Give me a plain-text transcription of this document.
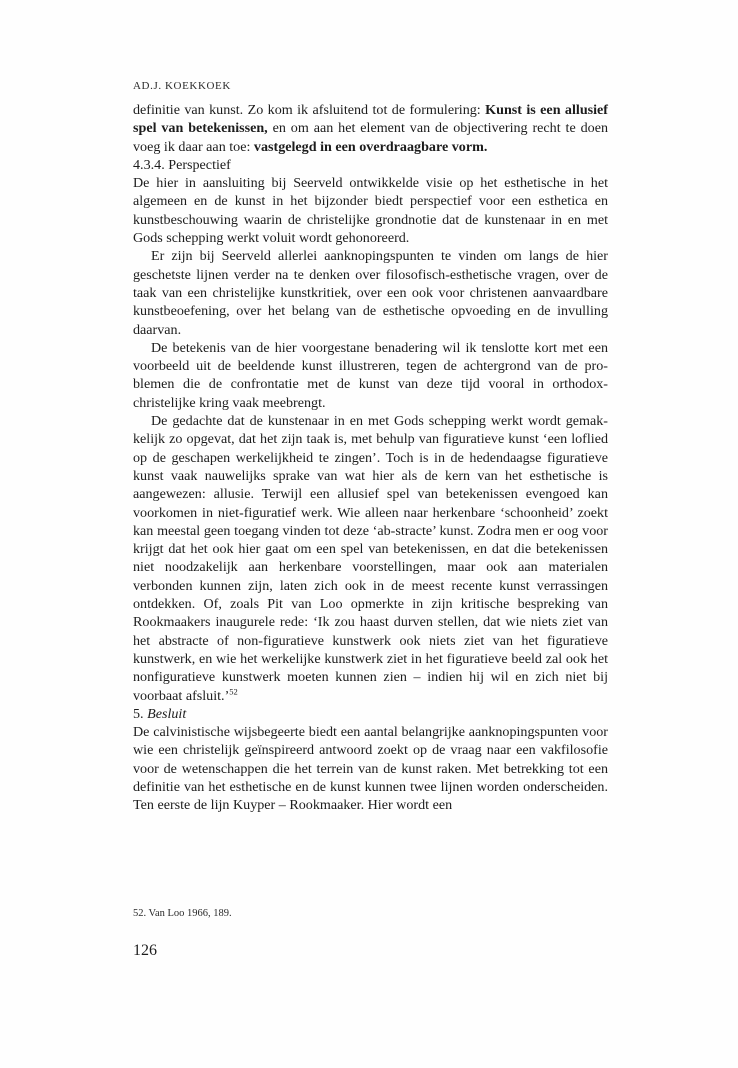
AD.J. KOEKKOEK

definitie van kunst. Zo kom ik afsluitend tot de formulering: Kunst is een allusief spel van betekenissen, en om aan het element van de objectivering recht te doen voeg ik daar aan toe: vastgelegd in een overdraagbare vorm.

4.3.4. Perspectief

De hier in aansluiting bij Seerveld ontwikkelde visie op het esthetische in het algemeen en de kunst in het bijzonder biedt perspectief voor een esthetica en kunstbeschouwing waarin de christelijke grondnotie dat de kunstenaar in en met Gods schepping werkt voluit wordt gehonoreerd.

Er zijn bij Seerveld allerlei aanknopingspunten te vinden om langs de hier geschetste lijnen verder na te denken over filosofisch-esthetische vragen, over de taak van een christelijke kunstkritiek, over een ook voor christenen aanvaardbare kunstbeoefening, over het belang van de esthetische opvoeding en de invulling daarvan.

De betekenis van de hier voorgestane benadering wil ik tenslotte kort met een voorbeeld uit de beeldende kunst illustreren, tegen de achtergrond van de problemen die de confrontatie met de kunst van deze tijd vooral in orthodox-christelijke kring vaak meebrengt.

De gedachte dat de kunstenaar in en met Gods schepping werkt wordt gemakkelijk zo opgevat, dat het zijn taak is, met behulp van figuratieve kunst ‘een loflied op de geschapen werkelijkheid te zingen’. Toch is in de hedendaagse figuratieve kunst vaak nauwelijks sprake van wat hier als de kern van het esthetische is aangewezen: allusie. Terwijl een allusief spel van betekenissen evengoed kan voorkomen in niet-figuratief werk. Wie alleen naar herkenbare ‘schoonheid’ zoekt kan meestal geen toegang vinden tot deze ‘ab-stracte’ kunst. Zodra men er oog voor krijgt dat het ook hier gaat om een spel van betekenissen, en dat die betekenissen niet noodzakelijk aan herkenbare voorstellingen, maar ook aan materialen verbonden kunnen zijn, laten zich ook in de meest recente kunst verrassingen ontdekken. Of, zoals Pit van Loo opmerkte in zijn kritische bespreking van Rookmaakers inaugurele rede: ‘Ik zou haast durven stellen, dat wie niets ziet van het abstracte of non-figuratieve kunstwerk ook niets ziet van het figuratieve kunstwerk, en wie het werkelijke kunstwerk ziet in het figuratieve beeld zal ook het nonfiguratieve kunstwerk moeten kunnen zien – indien hij wil en zich niet bij voorbaat afsluit.’$^{52}$

5. Besluit

De calvinistische wijsbegeerte biedt een aantal belangrijke aanknopingspunten voor wie een christelijk geïnspireerd antwoord zoekt op de vraag naar een vakfilosofie voor de wetenschappen die het terrein van de kunst raken. Met betrekking tot een definitie van het esthetische en de kunst kunnen twee lijnen worden onderscheiden. Ten eerste de lijn Kuyper – Rookmaaker. Hier wordt een

52. Van Loo 1966, 189.
126
